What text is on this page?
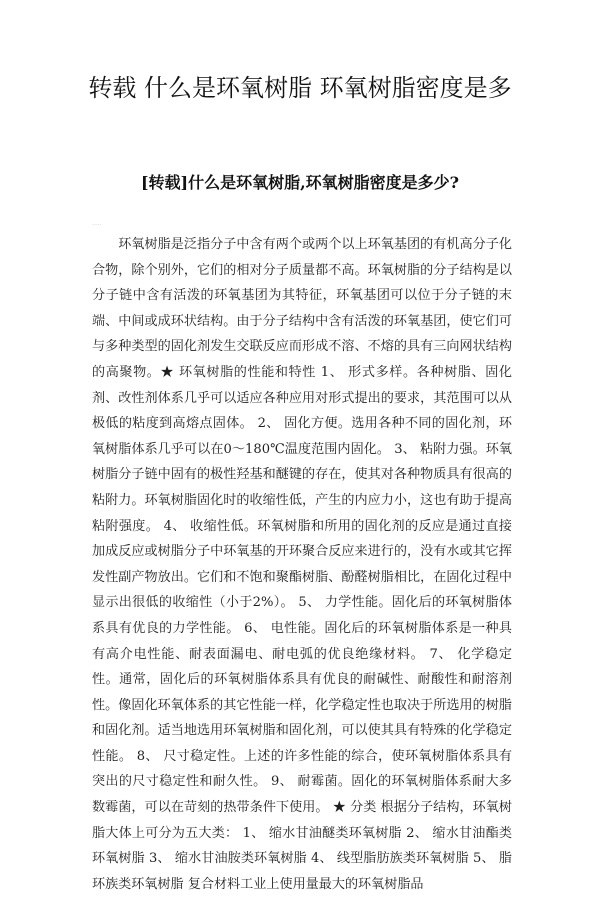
转载 什么是环氧树脂 环氧树脂密度是多
[转载]什么是环氧树脂,环氧树脂密度是多少?
·····

环氧树脂是泛指分子中含有两个或两个以上环氧基团的有机高分子化合物，除个别外，它们的相对分子质量都不高。环氧树脂的分子结构是以分子链中含有活泼的环氧基团为其特征，环氧基团可以位于分子链的末端、中间或成环状结构。由于分子结构中含有活泼的环氧基团，使它们可与多种类型的固化剂发生交联反应而形成不溶、不熔的具有三向网状结构的高聚物。★ 环氧树脂的性能和特性 1、 形式多样。各种树脂、固化剂、改性剂体系几乎可以适应各种应用对形式提出的要求，其范围可以从极低的粘度到高熔点固体。 2、 固化方便。选用各种不同的固化剂，环氧树脂体系几乎可以在0～180℃温度范围内固化。 3、 粘附力强。环氧树脂分子链中固有的极性羟基和醚键的存在，使其对各种物质具有很高的粘附力。环氧树脂固化时的收缩性低，产生的内应力小，这也有助于提高粘附强度。 4、 收缩性低。环氧树脂和所用的固化剂的反应是通过直接加成反应或树脂分子中环氧基的开环聚合反应来进行的，没有水或其它挥发性副产物放出。它们和不饱和聚酯树脂、酚醛树脂相比，在固化过程中显示出很低的收缩性（小于2%）。 5、 力学性能。固化后的环氧树脂体系具有优良的力学性能。 6、 电性能。固化后的环氧树脂体系是一种具有高介电性能、耐表面漏电、耐电弧的优良绝缘材料。 7、 化学稳定性。通常，固化后的环氧树脂体系具有优良的耐碱性、耐酸性和耐溶剂性。像固化环氧体系的其它性能一样，化学稳定性也取决于所选用的树脂和固化剂。适当地选用环氧树脂和固化剂，可以使其具有特殊的化学稳定性能。 8、 尺寸稳定性。上述的许多性能的综合，使环氧树脂体系具有突出的尺寸稳定性和耐久性。 9、 耐霉菌。固化的环氧树脂体系耐大多数霉菌，可以在苛刻的热带条件下使用。 ★ 分类 根据分子结构，环氧树脂大体上可分为五大类： 1、 缩水甘油醚类环氧树脂 2、 缩水甘油酯类环氧树脂 3、 缩水甘油胺类环氧树脂 4、 线型脂肪族类环氧树脂 5、 脂环族类环氧树脂 复合材料工业上使用量最大的环氧树脂品
